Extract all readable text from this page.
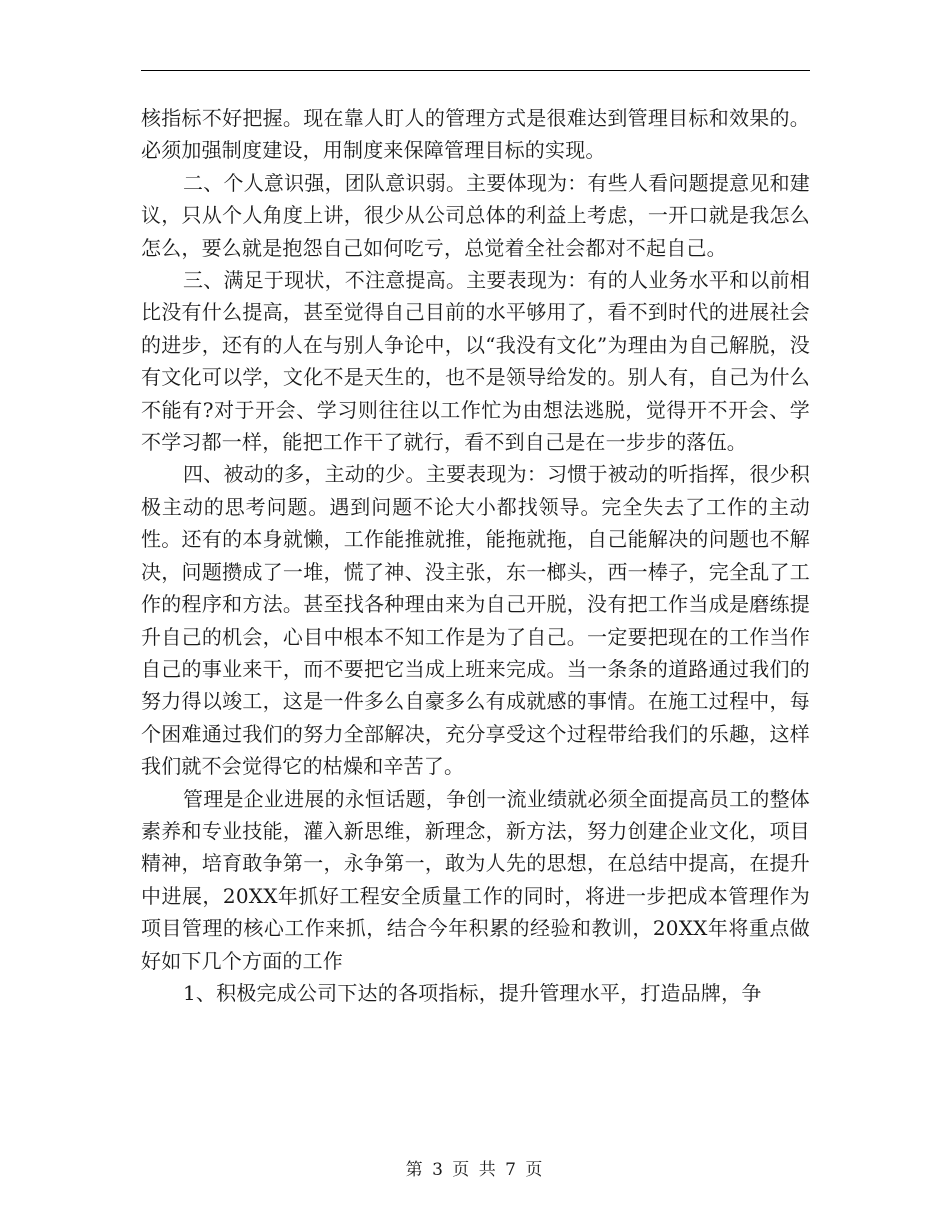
核指标不好把握。现在靠人盯人的管理方式是很难达到管理目标和效果的。必须加强制度建设，用制度来保障管理目标的实现。

二、个人意识强，团队意识弱。主要体现为：有些人看问题提意见和建议，只从个人角度上讲，很少从公司总体的利益上考虑，一开口就是我怎么怎么，要么就是抱怨自己如何吃亏，总觉着全社会都对不起自己。

三、满足于现状，不注意提高。主要表现为：有的人业务水平和以前相比没有什么提高，甚至觉得自己目前的水平够用了，看不到时代的进展社会的进步，还有的人在与别人争论中，以“我没有文化”为理由为自己解脱，没有文化可以学，文化不是天生的，也不是领导给发的。别人有，自己为什么不能有?对于开会、学习则往往以工作忙为由想法逃脱，觉得开不开会、学不学习都一样，能把工作干了就行，看不到自己是在一步步的落伍。

四、被动的多，主动的少。主要表现为：习惯于被动的听指挥，很少积极主动的思考问题。遇到问题不论大小都找领导。完全失去了工作的主动性。还有的本身就懒，工作能推就推，能拖就拖，自己能解决的问题也不解决，问题攒成了一堆，慌了神、没主张，东一榔头，西一棒子，完全乱了工作的程序和方法。甚至找各种理由来为自己开脱，没有把工作当成是磨练提升自己的机会，心目中根本不知工作是为了自己。一定要把现在的工作当作自己的事业来干，而不要把它当成上班来完成。当一条条的道路通过我们的努力得以竣工，这是一件多么自豪多么有成就感的事情。在施工过程中，每个困难通过我们的努力全部解决，充分享受这个过程带给我们的乐趣，这样我们就不会觉得它的枯燥和辛苦了。

管理是企业进展的永恒话题，争创一流业绩就必须全面提高员工的整体素养和专业技能，灌入新思维，新理念，新方法，努力创建企业文化，项目精神，培育敢争第一，永争第一，敢为人先的思想，在总结中提高，在提升中进展，20XX年抓好工程安全质量工作的同时，将进一步把成本管理作为项目管理的核心工作来抓，结合今年积累的经验和教训，20XX年将重点做好如下几个方面的工作

1、积极完成公司下达的各项指标，提升管理水平，打造品牌，争

第 3 页 共 7 页
